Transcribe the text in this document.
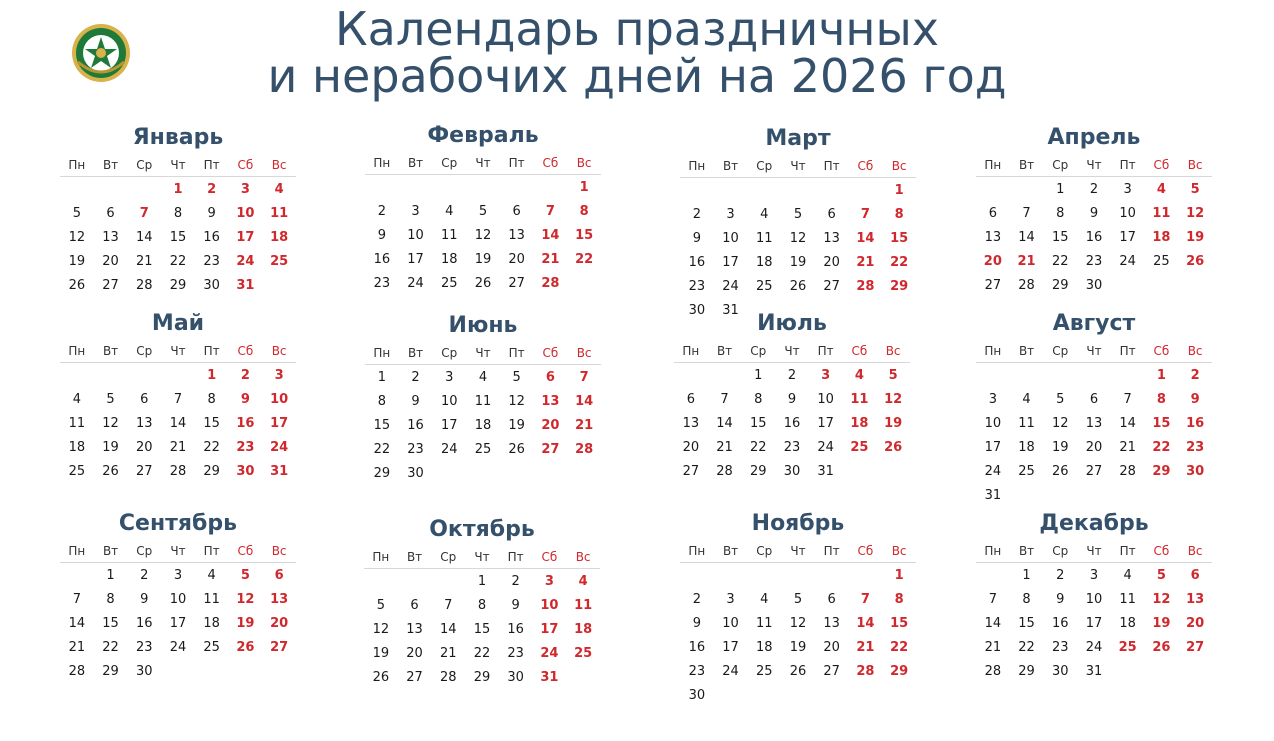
Календарь праздничных
и нерабочих дней на 2026 год
Январь
Пн	Вт	Ср	Чт	Пт	Сб	Вс
			1	2	3	4
5	6	7	8	9	10	11
12	13	14	15	16	17	18
19	20	21	22	23	24	25
26	27	28	29	30	31	
Февраль
Пн	Вт	Ср	Чт	Пт	Сб	Вс
						1
2	3	4	5	6	7	8
9	10	11	12	13	14	15
16	17	18	19	20	21	22
23	24	25	26	27	28	
Март
Пн	Вт	Ср	Чт	Пт	Сб	Вс
						1
2	3	4	5	6	7	8
9	10	11	12	13	14	15
16	17	18	19	20	21	22
23	24	25	26	27	28	29
30	31					
Апрель
Пн	Вт	Ср	Чт	Пт	Сб	Вс
		1	2	3	4	5
6	7	8	9	10	11	12
13	14	15	16	17	18	19
20	21	22	23	24	25	26
27	28	29	30			
Май
Пн	Вт	Ср	Чт	Пт	Сб	Вс
				1	2	3
4	5	6	7	8	9	10
11	12	13	14	15	16	17
18	19	20	21	22	23	24
25	26	27	28	29	30	31
Июнь
Пн	Вт	Ср	Чт	Пт	Сб	Вс
1	2	3	4	5	6	7
8	9	10	11	12	13	14
15	16	17	18	19	20	21
22	23	24	25	26	27	28
29	30					
Июль
Пн	Вт	Ср	Чт	Пт	Сб	Вс
		1	2	3	4	5
6	7	8	9	10	11	12
13	14	15	16	17	18	19
20	21	22	23	24	25	26
27	28	29	30	31		
Август
Пн	Вт	Ср	Чт	Пт	Сб	Вс
					1	2
3	4	5	6	7	8	9
10	11	12	13	14	15	16
17	18	19	20	21	22	23
24	25	26	27	28	29	30
31						
Сентябрь
Пн	Вт	Ср	Чт	Пт	Сб	Вс
	1	2	3	4	5	6
7	8	9	10	11	12	13
14	15	16	17	18	19	20
21	22	23	24	25	26	27
28	29	30				
Октябрь
Пн	Вт	Ср	Чт	Пт	Сб	Вс
			1	2	3	4
5	6	7	8	9	10	11
12	13	14	15	16	17	18
19	20	21	22	23	24	25
26	27	28	29	30	31	
Ноябрь
Пн	Вт	Ср	Чт	Пт	Сб	Вс
						1
2	3	4	5	6	7	8
9	10	11	12	13	14	15
16	17	18	19	20	21	22
23	24	25	26	27	28	29
30						
Декабрь
Пн	Вт	Ср	Чт	Пт	Сб	Вс
	1	2	3	4	5	6
7	8	9	10	11	12	13
14	15	16	17	18	19	20
21	22	23	24	25	26	27
28	29	30	31			
